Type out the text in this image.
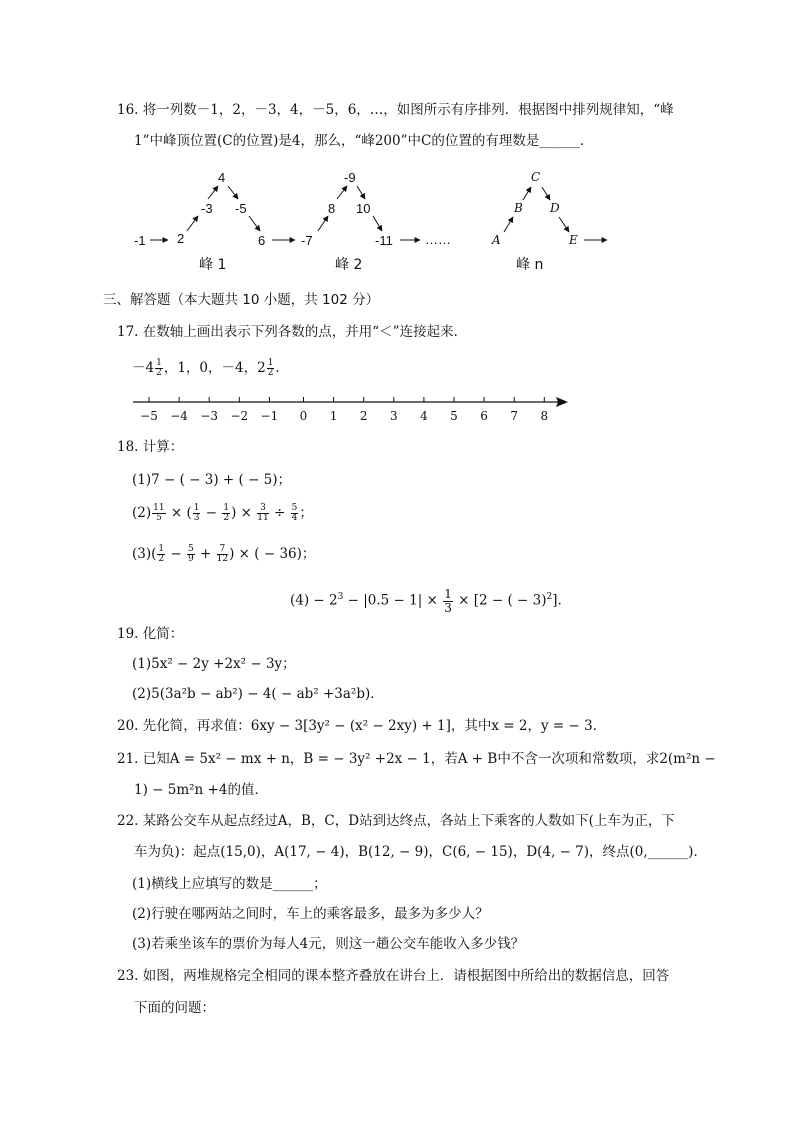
16. 将一列数－1，2，－3，4，－5，6，…，如图所示有序排列．根据图中排列规律知，“峰
1”中峰顶位置(C的位置)是4，那么，“峰200”中C的位置的有理数是______．
-1 2
-3
4
-5
6	-7
8
-9
10
-11 ……	A
B
C
D
E
峰 1	峰 2	峰 n
−5 −4 −3 −2 −1 0 1 2 3 4 5 6 7 8
三、解答题（本大题共 10 小题，共 102 分）
17. 在数轴上画出表示下列各数的点，并用“＜”连接起来．
$-4 \frac{1}{2}$ ，1，0，－4，$2 \frac{1}{2}$ ．
18. 计算：
(1)7 − ( − 3) + ( − 5)；
$(2) \frac{11}{5}$ × ( $\frac{1}{3} - \frac{1}{2}$ ) × $\frac{3}{11} \div \frac{5}{4}$ ；
$(3)( \frac{1}{2} - \frac{5}{9} + \frac{7}{12}$ ) × ( − 36)；
$(4) - 2^3 - |0.5 - 1| \times \frac{1}{3} \times [2$ − ( − 3)$^2$].
19. 化简：
(1)5x² − 2y +2x² − 3y；
(2)5(3a²b − ab²) − 4( − ab² +3a²b)．
20. 先化简，再求值：6xy − 3[3y² − (x² − 2xy) + 1]，其中x = 2，y = − 3．
21. 已知A = 5x² − mx + n，B = − 3y² +2x − 1，若A + B中不含一次项和常数项，求2(m²n −
1) − 5m²n +4的值．
22. 某路公交车从起点经过A，B，C，D站到达终点，各站上下乘客的人数如下(上车为正，下
车为负)：起点(15,0)，A(17, − 4)，B(12, − 9)，C(6, − 15)，D(4, − 7)，终点(0,______)．
(1)横线上应填写的数是______；
(2)行驶在哪两站之间时，车上的乘客最多，最多为多少人？
(3)若乘坐该车的票价为每人4元，则这一趟公交车能收入多少钱？
23. 如图，两堆规格完全相同的课本整齐叠放在讲台上．请根据图中所给出的数据信息，回答
下面的问题：
